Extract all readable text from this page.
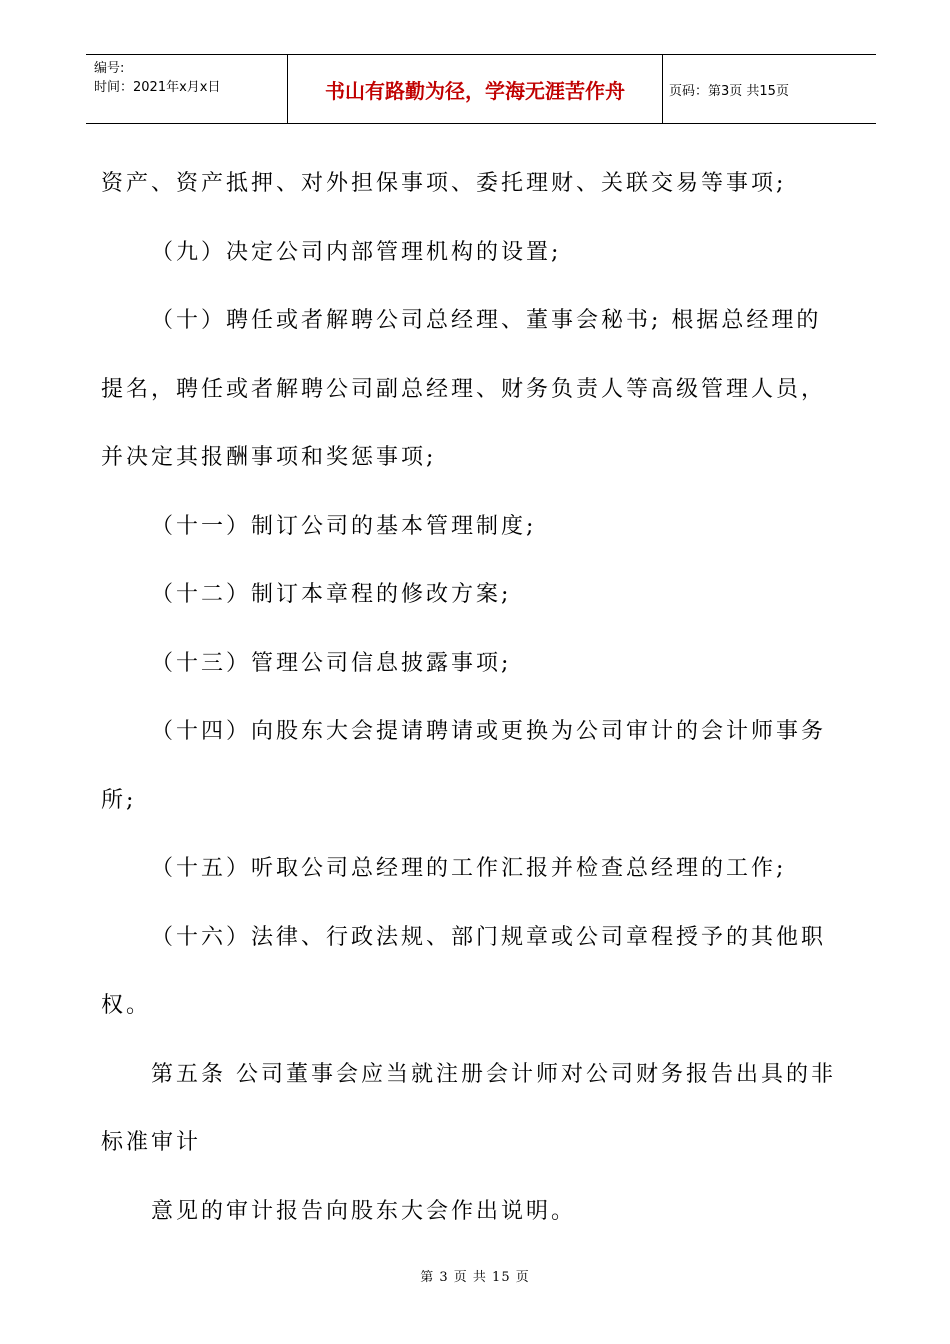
编号:
时间：2021年x月x日	书山有路勤为径，学海无涯苦作舟	页码：第3页 共15页

资产、资产抵押、对外担保事项、委托理财、关联交易等事项;

（九）决定公司内部管理机构的设置;

（十）聘任或者解聘公司总经理、董事会秘书; 根据总经理的

提名，聘任或者解聘公司副总经理、财务负责人等高级管理人员，

并决定其报酬事项和奖惩事项;

（十一）制订公司的基本管理制度;

（十二）制订本章程的修改方案;

（十三）管理公司信息披露事项;

（十四）向股东大会提请聘请或更换为公司审计的会计师事务

所;

（十五）听取公司总经理的工作汇报并检查总经理的工作;

（十六）法律、行政法规、部门规章或公司章程授予的其他职

权。

第五条 公司董事会应当就注册会计师对公司财务报告出具的非

标准审计

意见的审计报告向股东大会作出说明。

第 3 页 共 15 页
